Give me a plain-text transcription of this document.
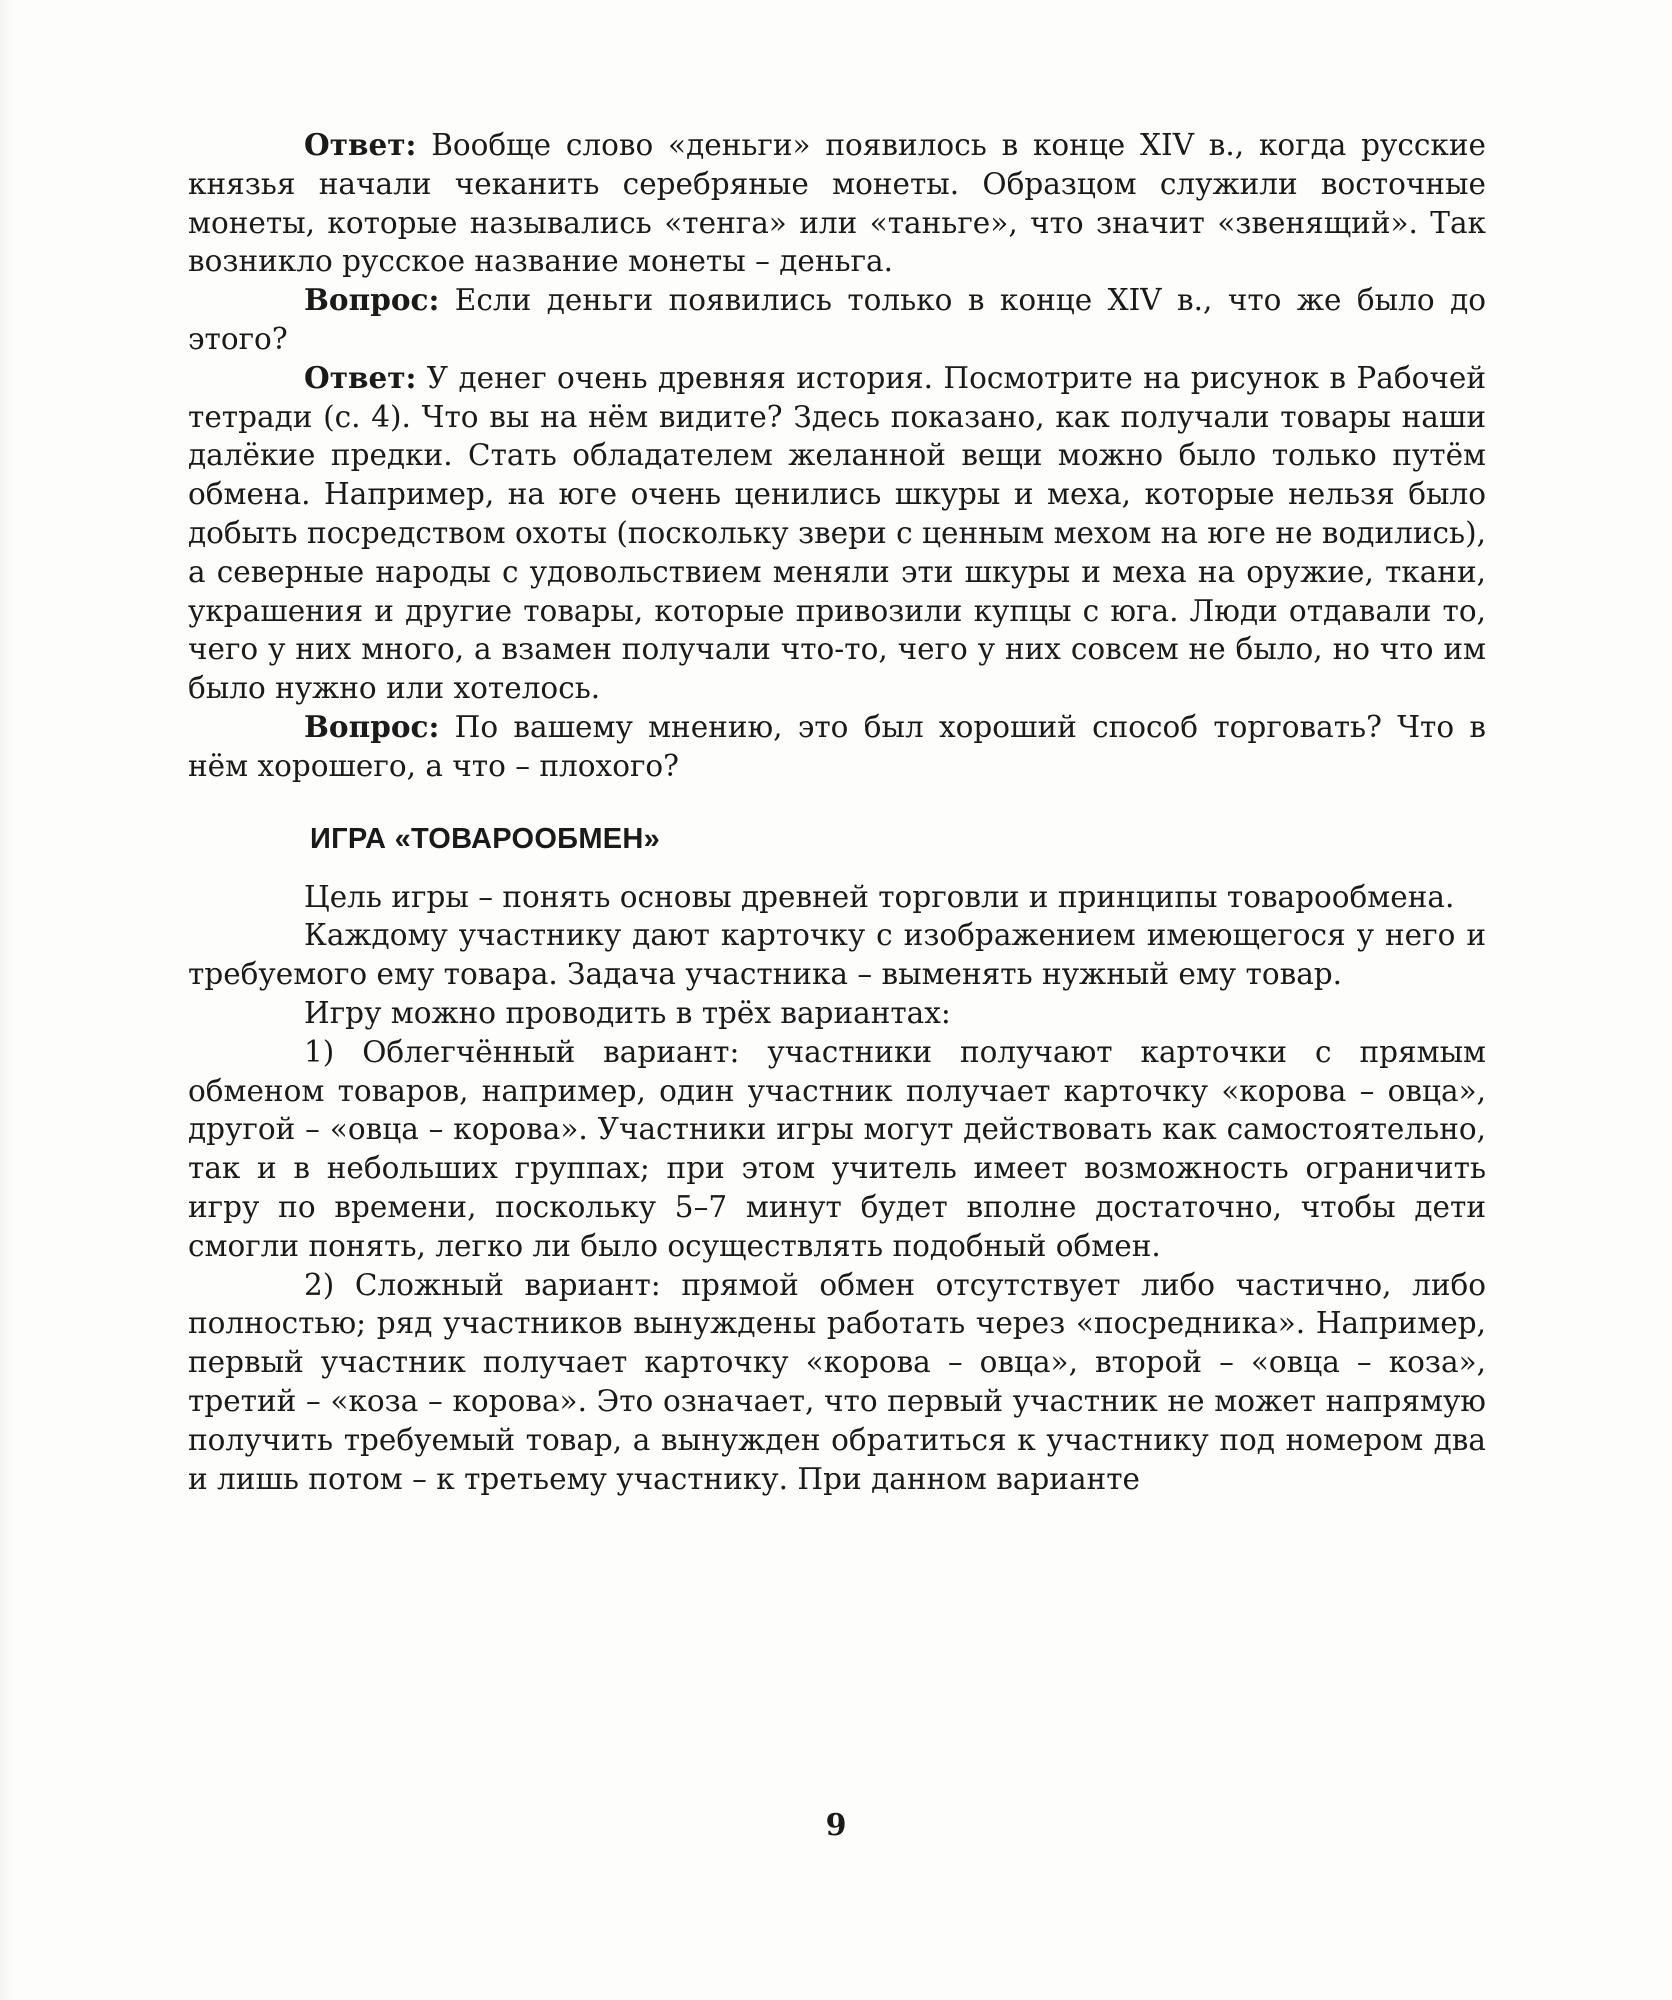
Ответ: Вообще слово «деньги» появилось в конце XIV в., когда русские князья начали чеканить серебряные монеты. Образцом служили восточные монеты, которые назывались «тенга» или «таньге», что значит «звенящий». Так возникло русское название монеты – деньга.

Вопрос: Если деньги появились только в конце XIV в., что же было до этого?

Ответ: У денег очень древняя история. Посмотрите на рисунок в Рабочей тетради (с. 4). Что вы на нём видите? Здесь показано, как получали товары наши далёкие предки. Стать обладателем желанной вещи можно было только путём обмена. Например, на юге очень ценились шкуры и меха, которые нельзя было добыть посредством охоты (поскольку звери с ценным мехом на юге не водились), а северные народы с удовольствием меняли эти шкуры и меха на оружие, ткани, украшения и другие товары, которые привозили купцы с юга. Люди отдавали то, чего у них много, а взамен получали что-то, чего у них совсем не было, но что им было нужно или хотелось.

Вопрос: По вашему мнению, это был хороший способ торговать? Что в нём хорошего, а что – плохого?

ИГРА «ТОВАРООБМЕН»

Цель игры – понять основы древней торговли и принципы товарообмена.

Каждому участнику дают карточку с изображением имеющегося у него и требуемого ему товара. Задача участника – выменять нужный ему товар.

Игру можно проводить в трёх вариантах:

1) Облегчённый вариант: участники получают карточки с прямым обменом товаров, например, один участник получает карточку «корова – овца», другой – «овца – корова». Участники игры могут действовать как самостоятельно, так и в небольших группах; при этом учитель имеет возможность ограничить игру по времени, поскольку 5–7 минут будет вполне достаточно, чтобы дети смогли понять, легко ли было осуществлять подобный обмен.

2) Сложный вариант: прямой обмен отсутствует либо частично, либо полностью; ряд участников вынуждены работать через «посредника». Например, первый участник получает карточку «корова – овца», второй – «овца – коза», третий – «коза – корова». Это означает, что первый участник не может напрямую получить требуемый товар, а вынужден обратиться к участнику под номером два и лишь потом – к третьему участнику. При данном варианте

9
